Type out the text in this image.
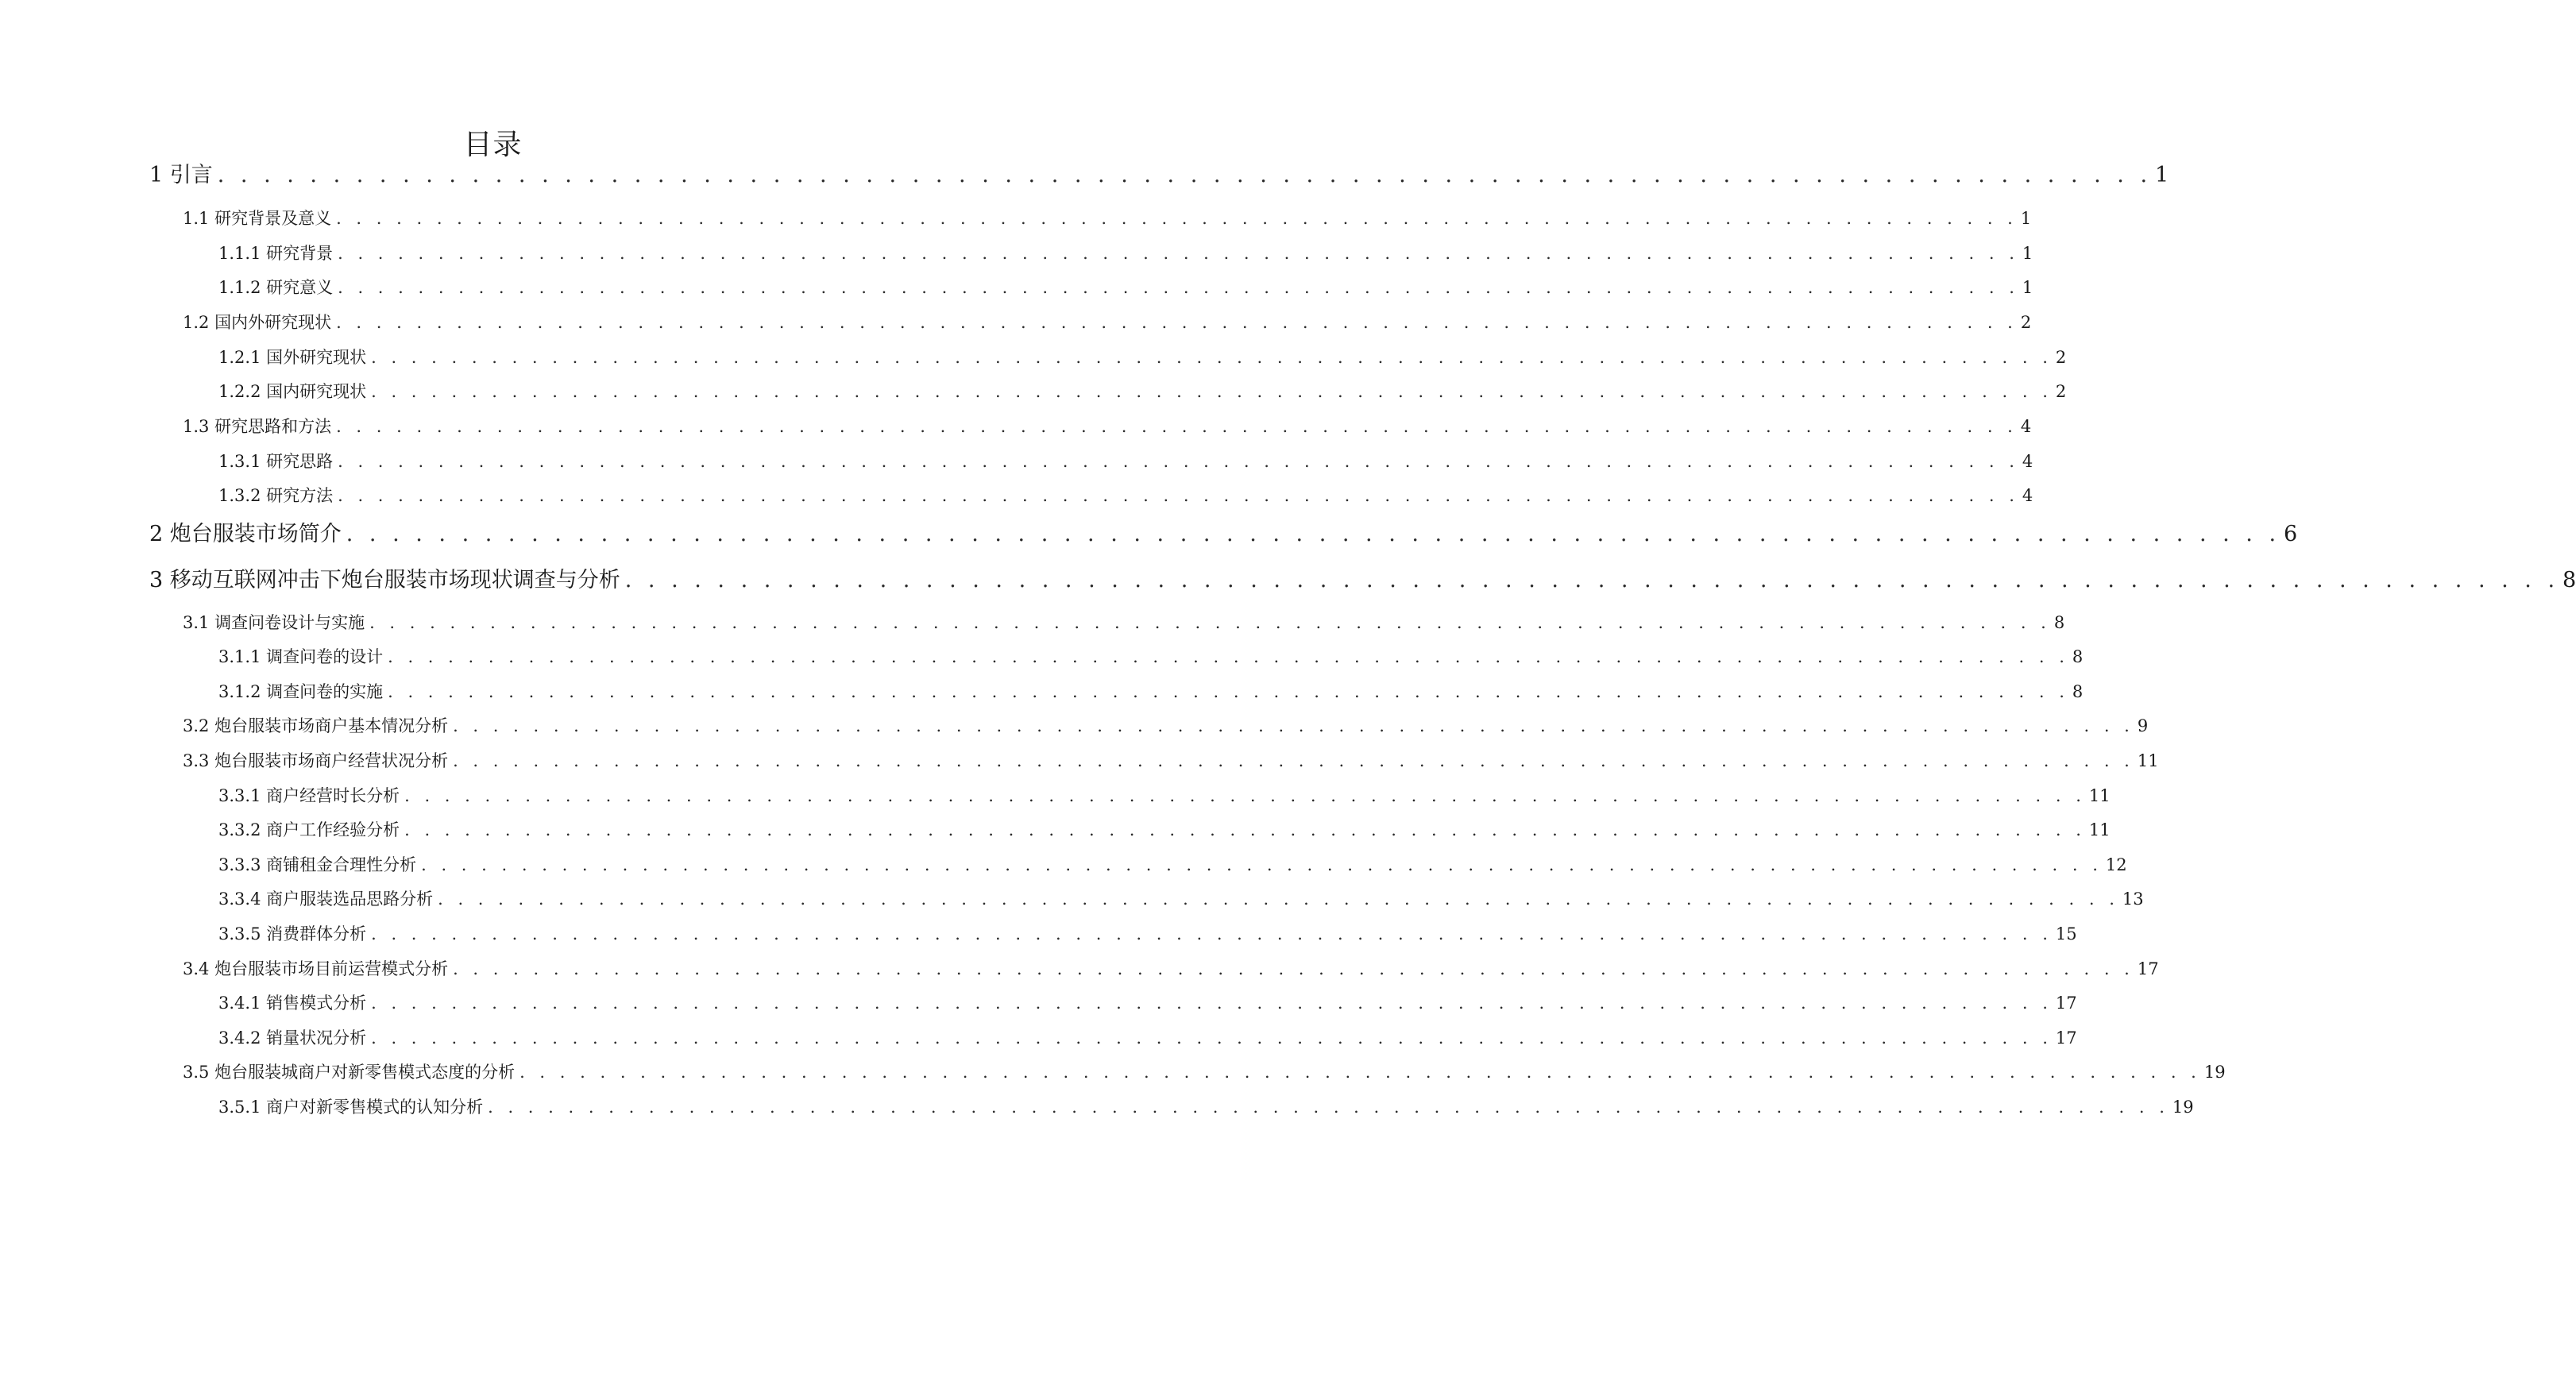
目录
1 引言 . . . . . . . . . . . . . . . . . . . . . . . . . . . . . . . . . . . . . . . . . . . . . . . . . . . . . . . . . . . . . . . . . . . . . . . . . . . . . . . . . . . . 1
1.1 研究背景及意义 . . . . . . . . . . . . . . . . . . . . . . . . . . . . . . . . . . . . . . . . . . . . . . . . . . . . . . . . . . . . . . . . . . . . . . . . . . . . . . . . . . . . 1
1.1.1 研究背景 . . . . . . . . . . . . . . . . . . . . . . . . . . . . . . . . . . . . . . . . . . . . . . . . . . . . . . . . . . . . . . . . . . . . . . . . . . . . . . . . . . . . 1
1.1.2 研究意义 . . . . . . . . . . . . . . . . . . . . . . . . . . . . . . . . . . . . . . . . . . . . . . . . . . . . . . . . . . . . . . . . . . . . . . . . . . . . . . . . . . . . 1
1.2 国内外研究现状 . . . . . . . . . . . . . . . . . . . . . . . . . . . . . . . . . . . . . . . . . . . . . . . . . . . . . . . . . . . . . . . . . . . . . . . . . . . . . . . . . . . . 2
1.2.1 国外研究现状 . . . . . . . . . . . . . . . . . . . . . . . . . . . . . . . . . . . . . . . . . . . . . . . . . . . . . . . . . . . . . . . . . . . . . . . . . . . . . . . . . . . . 2
1.2.2 国内研究现状 . . . . . . . . . . . . . . . . . . . . . . . . . . . . . . . . . . . . . . . . . . . . . . . . . . . . . . . . . . . . . . . . . . . . . . . . . . . . . . . . . . . . 2
1.3 研究思路和方法 . . . . . . . . . . . . . . . . . . . . . . . . . . . . . . . . . . . . . . . . . . . . . . . . . . . . . . . . . . . . . . . . . . . . . . . . . . . . . . . . . . . . 4
1.3.1 研究思路 . . . . . . . . . . . . . . . . . . . . . . . . . . . . . . . . . . . . . . . . . . . . . . . . . . . . . . . . . . . . . . . . . . . . . . . . . . . . . . . . . . . . 4
1.3.2 研究方法 . . . . . . . . . . . . . . . . . . . . . . . . . . . . . . . . . . . . . . . . . . . . . . . . . . . . . . . . . . . . . . . . . . . . . . . . . . . . . . . . . . . . 4
2 炮台服装市场简介 . . . . . . . . . . . . . . . . . . . . . . . . . . . . . . . . . . . . . . . . . . . . . . . . . . . . . . . . . . . . . . . . . . . . . . . . . . . . . . . . . . . . 6
3 移动互联网冲击下炮台服装市场现状调查与分析 . . . . . . . . . . . . . . . . . . . . . . . . . . . . . . . . . . . . . . . . . . . . . . . . . . . . . . . . . . . . . . . . . . . . . . . . . . . . . . . . . . . . 8
3.1 调查问卷设计与实施 . . . . . . . . . . . . . . . . . . . . . . . . . . . . . . . . . . . . . . . . . . . . . . . . . . . . . . . . . . . . . . . . . . . . . . . . . . . . . . . . . . . . 8
3.1.1 调查问卷的设计 . . . . . . . . . . . . . . . . . . . . . . . . . . . . . . . . . . . . . . . . . . . . . . . . . . . . . . . . . . . . . . . . . . . . . . . . . . . . . . . . . . . . 8
3.1.2 调查问卷的实施 . . . . . . . . . . . . . . . . . . . . . . . . . . . . . . . . . . . . . . . . . . . . . . . . . . . . . . . . . . . . . . . . . . . . . . . . . . . . . . . . . . . . 8
3.2 炮台服装市场商户基本情况分析 . . . . . . . . . . . . . . . . . . . . . . . . . . . . . . . . . . . . . . . . . . . . . . . . . . . . . . . . . . . . . . . . . . . . . . . . . . . . . . . . . . . . 9
3.3 炮台服装市场商户经营状况分析 . . . . . . . . . . . . . . . . . . . . . . . . . . . . . . . . . . . . . . . . . . . . . . . . . . . . . . . . . . . . . . . . . . . . . . . . . . . . . . . . . . . . 11
3.3.1 商户经营时长分析 . . . . . . . . . . . . . . . . . . . . . . . . . . . . . . . . . . . . . . . . . . . . . . . . . . . . . . . . . . . . . . . . . . . . . . . . . . . . . . . . . . . . 11
3.3.2 商户工作经验分析 . . . . . . . . . . . . . . . . . . . . . . . . . . . . . . . . . . . . . . . . . . . . . . . . . . . . . . . . . . . . . . . . . . . . . . . . . . . . . . . . . . . . 11
3.3.3 商铺租金合理性分析 . . . . . . . . . . . . . . . . . . . . . . . . . . . . . . . . . . . . . . . . . . . . . . . . . . . . . . . . . . . . . . . . . . . . . . . . . . . . . . . . . . . . 12
3.3.4 商户服装选品思路分析 . . . . . . . . . . . . . . . . . . . . . . . . . . . . . . . . . . . . . . . . . . . . . . . . . . . . . . . . . . . . . . . . . . . . . . . . . . . . . . . . . . . . 13
3.3.5 消费群体分析 . . . . . . . . . . . . . . . . . . . . . . . . . . . . . . . . . . . . . . . . . . . . . . . . . . . . . . . . . . . . . . . . . . . . . . . . . . . . . . . . . . . . 15
3.4 炮台服装市场目前运营模式分析 . . . . . . . . . . . . . . . . . . . . . . . . . . . . . . . . . . . . . . . . . . . . . . . . . . . . . . . . . . . . . . . . . . . . . . . . . . . . . . . . . . . . 17
3.4.1 销售模式分析 . . . . . . . . . . . . . . . . . . . . . . . . . . . . . . . . . . . . . . . . . . . . . . . . . . . . . . . . . . . . . . . . . . . . . . . . . . . . . . . . . . . . 17
3.4.2 销量状况分析 . . . . . . . . . . . . . . . . . . . . . . . . . . . . . . . . . . . . . . . . . . . . . . . . . . . . . . . . . . . . . . . . . . . . . . . . . . . . . . . . . . . . 17
3.5 炮台服装城商户对新零售模式态度的分析 . . . . . . . . . . . . . . . . . . . . . . . . . . . . . . . . . . . . . . . . . . . . . . . . . . . . . . . . . . . . . . . . . . . . . . . . . . . . . . . . . . . . 19
3.5.1 商户对新零售模式的认知分析 . . . . . . . . . . . . . . . . . . . . . . . . . . . . . . . . . . . . . . . . . . . . . . . . . . . . . . . . . . . . . . . . . . . . . . . . . . . . . . . . . . . . 19
